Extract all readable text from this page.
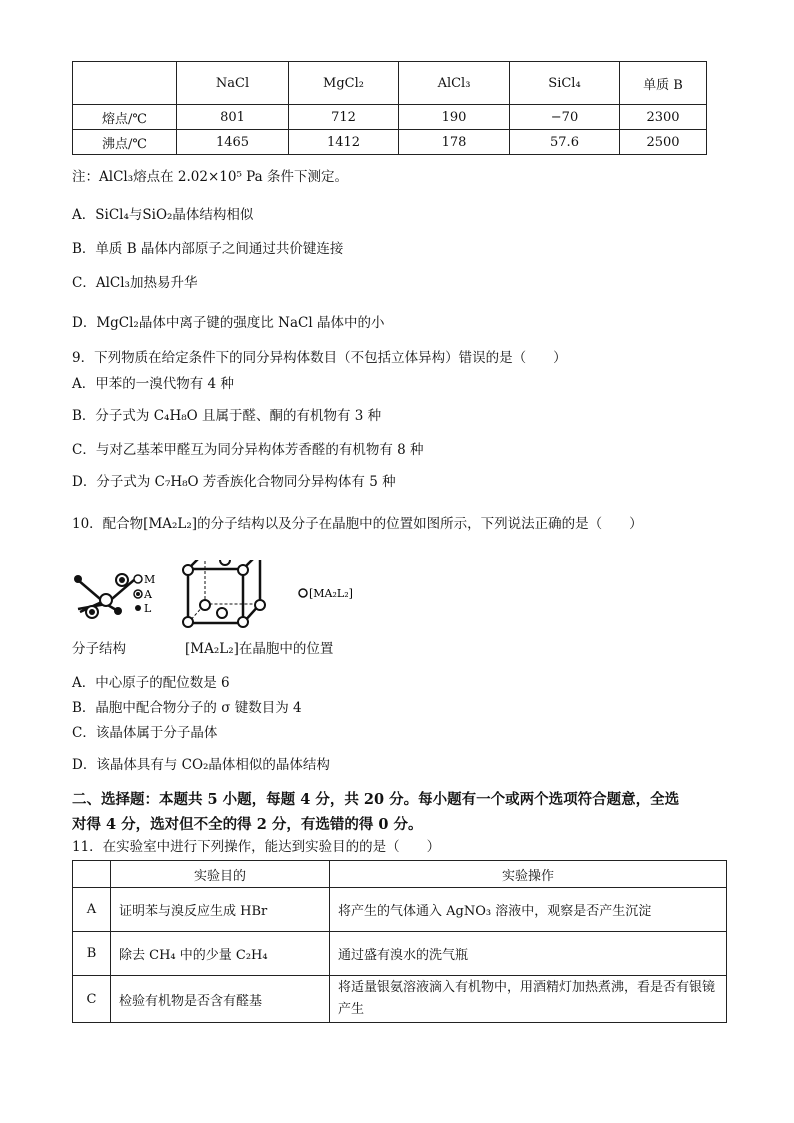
	NaCl	MgCl₂	AlCl₃	SiCl₄	单质 B
熔点/℃	801	712	190	−70	2300
沸点/℃	1465	1412	178	57.6	2500
注：AlCl₃熔点在 2.02×10⁵ Pa 条件下测定。
A．SiCl₄与SiO₂晶体结构相似
B．单质 B 晶体内部原子之间通过共价键连接
C．AlCl₃加热易升华
D．MgCl₂晶体中离子键的强度比 NaCl 晶体中的小
9．下列物质在给定条件下的同分异构体数目（不包括立体异构）错误的是（　　）
A．甲苯的一溴代物有 4 种
B．分子式为 C₄H₈O 且属于醛、酮的有机物有 3 种
C．与对乙基苯甲醛互为同分异构体芳香醛的有机物有 8 种
D．分子式为 C₇H₈O 芳香族化合物同分异构体有 5 种
10．配合物[MA₂L₂]的分子结构以及分子在晶胞中的位置如图所示，下列说法正确的是（　　）
M
A
L
[MA₂L₂]
分子结构	[MA₂L₂]在晶胞中的位置
A．中心原子的配位数是 6
B．晶胞中配合物分子的 σ 键数目为 4
C．该晶体属于分子晶体
D．该晶体具有与 CO₂晶体相似的晶体结构
二、选择题：本题共 5 小题，每题 4 分，共 20 分。每小题有一个或两个选项符合题意，全选
对得 4 分，选对但不全的得 2 分，有选错的得 0 分。
11．在实验室中进行下列操作，能达到实验目的的是（　　）
	实验目的	实验操作
A	证明苯与溴反应生成 HBr	将产生的气体通入 AgNO₃ 溶液中，观察是否产生沉淀
B	除去 CH₄ 中的少量 C₂H₄	通过盛有溴水的洗气瓶
C	检验有机物是否含有醛基	将适量银氨溶液滴入有机物中，用酒精灯加热煮沸，看是否有银镜产生
